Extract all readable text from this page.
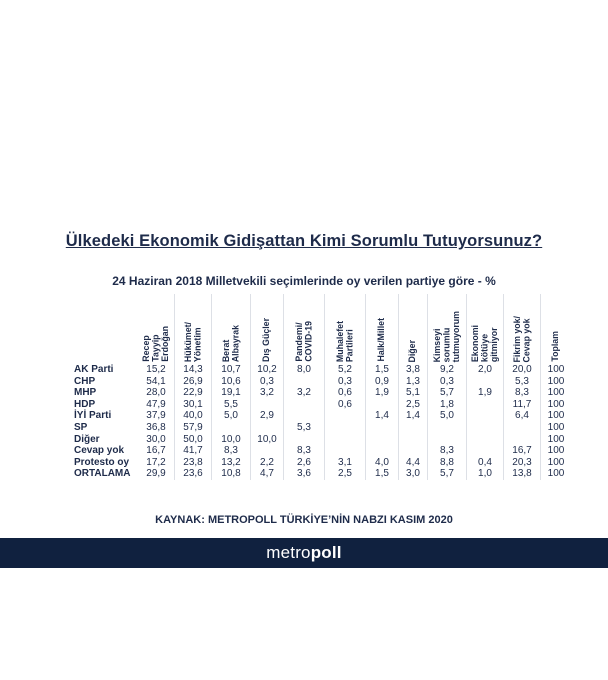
Ülkedeki Ekonomik Gidişattan Kimi Sorumlu Tutuyorsunuz?
24 Haziran 2018 Milletvekili seçimlerinde oy verilen partiye göre - %

	Recep
Tayyip
Erdoğan	Hükümet/
Yönetim	Berat
Albayrak	Dış Güçler	Pandemi/
COVID-19	Muhalefet
Partileri	Halk/Millet	Diğer	Kimseyi
sorumlu
tutmuyorum	Ekonomi
kötüye
gitmiyor	Fikrim yok/
Cevap yok	Toplam

AK Parti	15,2	14,3	10,7	10,2	8,0	5,2	1,5	3,8	9,2	2,0	20,0	100
CHP	54,1	26,9	10,6	0,3		0,3	0,9	1,3	0,3		5,3	100
MHP	28,0	22,9	19,1	3,2	3,2	0,6	1,9	5,1	5,7	1,9	8,3	100
HDP	47,9	30,1	5,5			0,6		2,5	1,8		11,7	100
İYİ Parti	37,9	40,0	5,0	2,9			1,4	1,4	5,0		6,4	100
SP	36,8	57,9			5,3							100
Diğer	30,0	50,0	10,0	10,0								100
Cevap yok	16,7	41,7	8,3		8,3				8,3		16,7	100
Protesto oy	17,2	23,8	13,2	2,2	2,6	3,1	4,0	4,4	8,8	0,4	20,3	100
ORTALAMA	29,9	23,6	10,8	4,7	3,6	2,5	1,5	3,0	5,7	1,0	13,8	100
KAYNAK: METROPOLL TÜRKİYE’NİN NABZI KASIM 2020
metropoll
